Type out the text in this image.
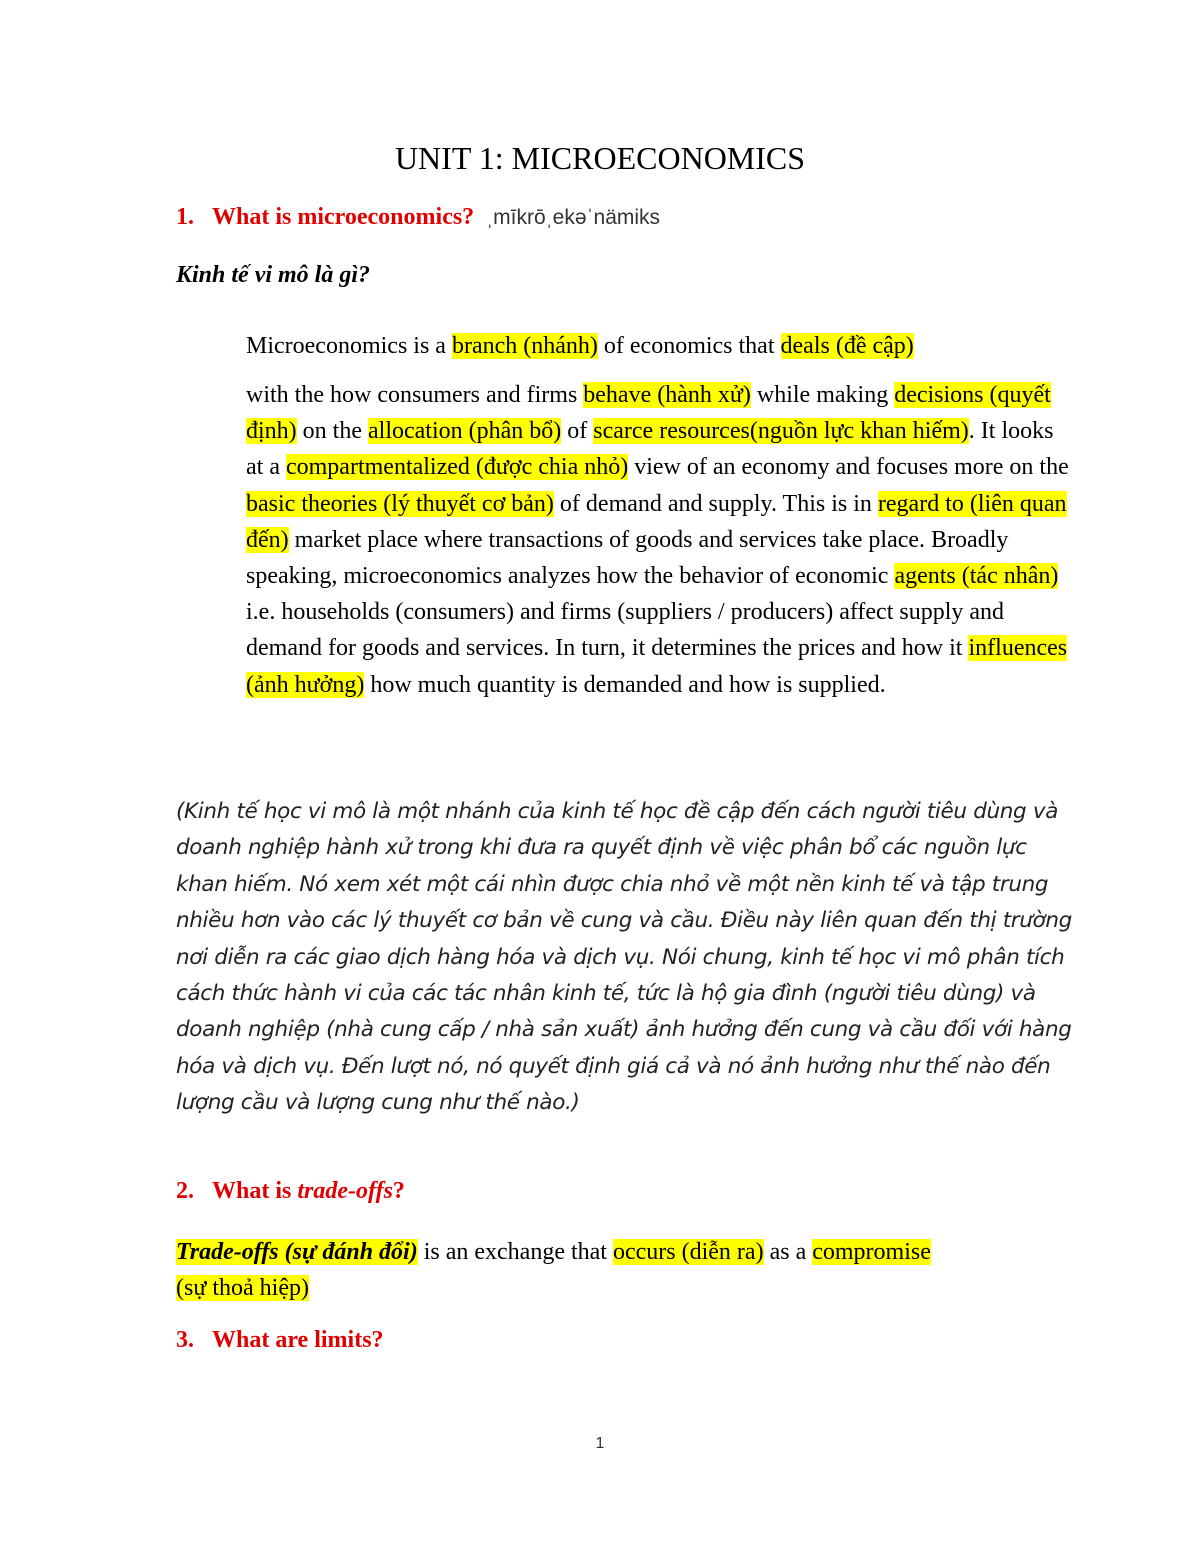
UNIT 1: MICROECONOMICS

1. What is microeconomics? ˌmīkrōˌekəˈnämiks

Kinh tế vi mô là gì?

Microeconomics is a branch (nhánh) of economics that deals (đề cập)
with the how consumers and firms behave (hành xử) while making decisions (quyết định) on the allocation (phân bổ) of scarce resources(nguồn lực khan hiếm). It looks at a compartmentalized (được chia nhỏ) view of an economy and focuses more on the basic theories (lý thuyết cơ bản) of demand and supply. This is in regard to (liên quan đến) market place where transactions of goods and services take place. Broadly speaking, microeconomics analyzes how the behavior of economic agents (tác nhân) i.e. households (consumers) and firms (suppliers / producers) affect supply and demand for goods and services. In turn, it determines the prices and how it influences (ảnh hưởng) how much quantity is demanded and how is supplied.

(Kinh tế học vi mô là một nhánh của kinh tế học đề cập đến cách người tiêu dùng và doanh nghiệp hành xử trong khi đưa ra quyết định về việc phân bổ các nguồn lực khan hiếm. Nó xem xét một cái nhìn được chia nhỏ về một nền kinh tế và tập trung nhiều hơn vào các lý thuyết cơ bản về cung và cầu. Điều này liên quan đến thị trường nơi diễn ra các giao dịch hàng hóa và dịch vụ. Nói chung, kinh tế học vi mô phân tích cách thức hành vi của các tác nhân kinh tế, tức là hộ gia đình (người tiêu dùng) và doanh nghiệp (nhà cung cấp / nhà sản xuất) ảnh hưởng đến cung và cầu đối với hàng hóa và dịch vụ. Đến lượt nó, nó quyết định giá cả và nó ảnh hưởng như thế nào đến lượng cầu và lượng cung như thế nào.)

2. What is trade-offs?

Trade-offs (sự đánh đổi) is an exchange that occurs (diễn ra) as a compromise
(sự thoả hiệp)

3. What are limits?

1
